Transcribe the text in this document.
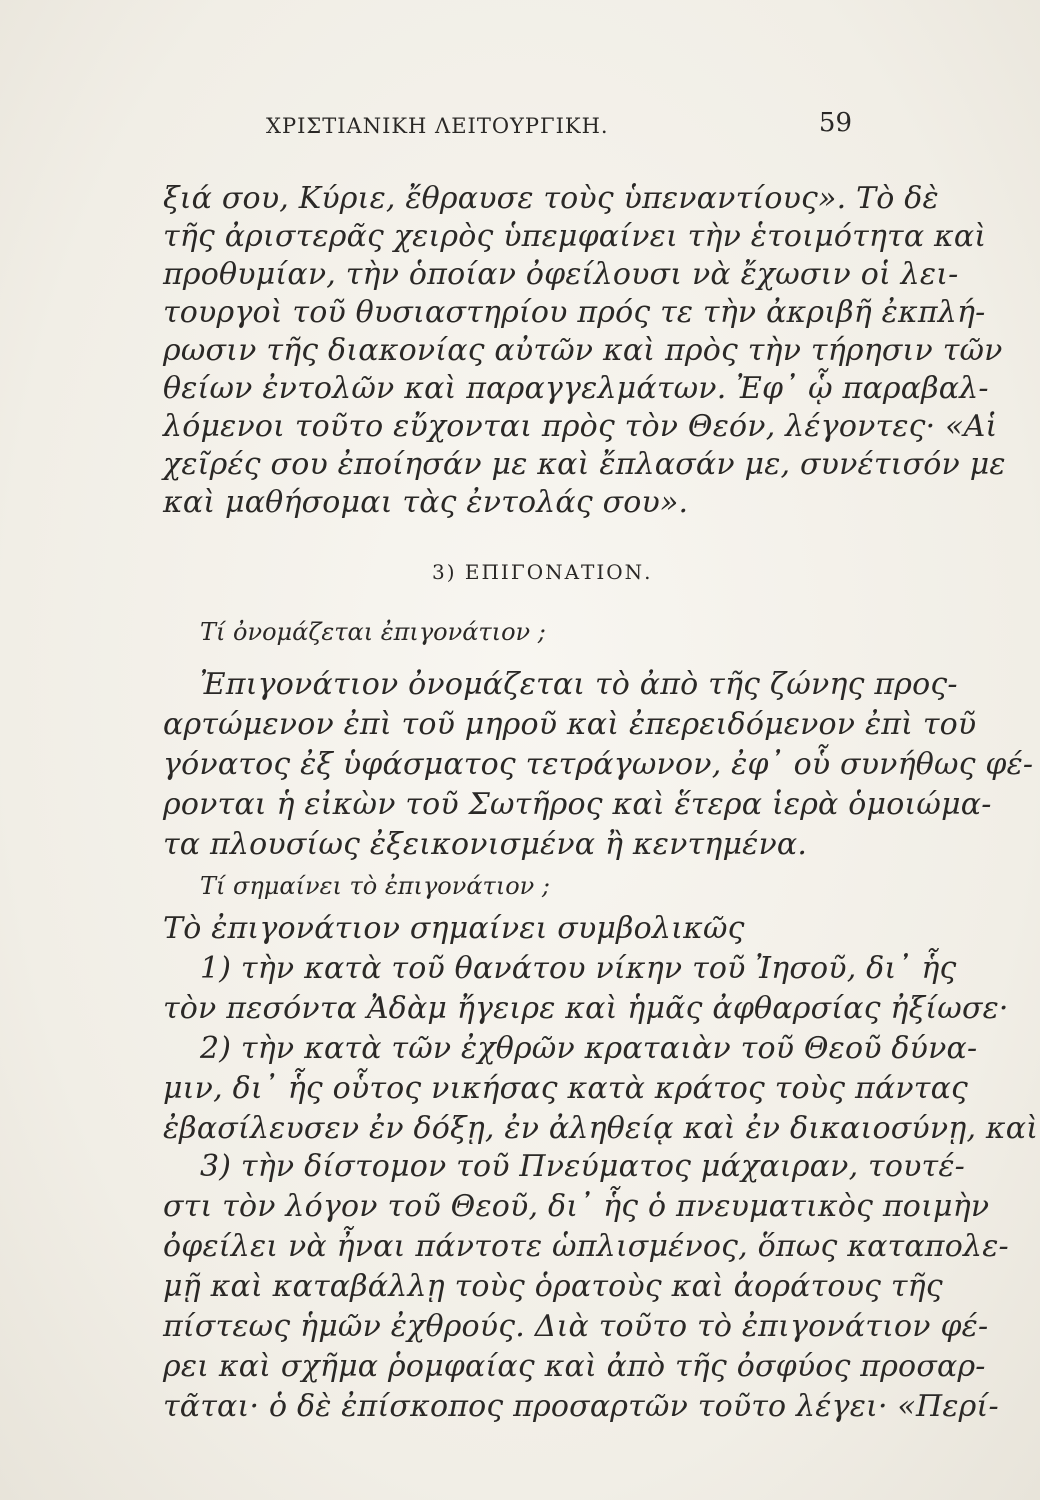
ΧΡΙΣΤΙΑΝΙΚΗ ΛΕΙΤΟΥΡΓΙΚΗ.	59
ξιά σου, Κύριε, ἔθραυσε τοὺς ὑπεναντίους». Τὸ δὲ
τῆς ἀριστερᾶς χειρὸς ὑπεμφαίνει τὴν ἑτοιμότητα καὶ
προθυμίαν, τὴν ὁποίαν ὀφείλουσι νὰ ἔχωσιν οἱ λει-
τουργοὶ τοῦ θυσιαστηρίου πρός τε τὴν ἀκριβῆ ἐκπλή-
ρωσιν τῆς διακονίας αὐτῶν καὶ πρὸς τὴν τήρησιν τῶν
θείων ἐντολῶν καὶ παραγγελμάτων. Ἐφ᾿ ᾧ παραβαλ-
λόμενοι τοῦτο εὔχονται πρὸς τὸν Θεόν, λέγοντες· «Αἱ
χεῖρές σου ἐποίησάν με καὶ ἔπλασάν με, συνέτισόν με
καὶ μαθήσομαι τὰς ἐντολάς σου».
3) ΕΠΙΓΟΝΑΤΙΟΝ.
Τί ὀνομάζεται ἐπιγονάτιον ;
Ἐπιγονάτιον ὀνομάζεται τὸ ἀπὸ τῆς ζώνης προς-
αρτώμενον ἐπὶ τοῦ μηροῦ καὶ ἐπερειδόμενον ἐπὶ τοῦ
γόνατος ἐξ ὑφάσματος τετράγωνον, ἐφ᾿ οὗ συνήθως φέ-
ρονται ἡ εἰκὼν τοῦ Σωτῆρος καὶ ἕτερα ἱερὰ ὁμοιώμα-
τα πλουσίως ἐξεικονισμένα ἢ κεντημένα.
Τί σημαίνει τὸ ἐπιγονάτιον ;
Τὸ ἐπιγονάτιον σημαίνει συμβολικῶς
1) τὴν κατὰ τοῦ θανάτου νίκην τοῦ Ἰησοῦ, δι᾿ ἧς
τὸν πεσόντα Ἀδὰμ ἤγειρε καὶ ἡμᾶς ἀφθαρσίας ἠξίωσε·
2) τὴν κατὰ τῶν ἐχθρῶν κραταιὰν τοῦ Θεοῦ δύνα-
μιν, δι᾿ ἧς οὗτος νικήσας κατὰ κράτος τοὺς πάντας
ἐβασίλευσεν ἐν δόξῃ, ἐν ἀληθείᾳ καὶ ἐν δικαιοσύνῃ, καὶ
3) τὴν δίστομον τοῦ Πνεύματος μάχαιραν, τουτέ-
στι τὸν λόγον τοῦ Θεοῦ, δι᾿ ἧς ὁ πνευματικὸς ποιμὴν
ὀφείλει νὰ ἦναι πάντοτε ὡπλισμένος, ὅπως καταπολε-
μῇ καὶ καταβάλλῃ τοὺς ὁρατοὺς καὶ ἀοράτους τῆς
πίστεως ἡμῶν ἐχθρούς. Διὰ τοῦτο τὸ ἐπιγονάτιον φέ-
ρει καὶ σχῆμα ῥομφαίας καὶ ἀπὸ τῆς ὀσφύος προσαρ-
τᾶται· ὁ δὲ ἐπίσκοπος προσαρτῶν τοῦτο λέγει· «Περί-
